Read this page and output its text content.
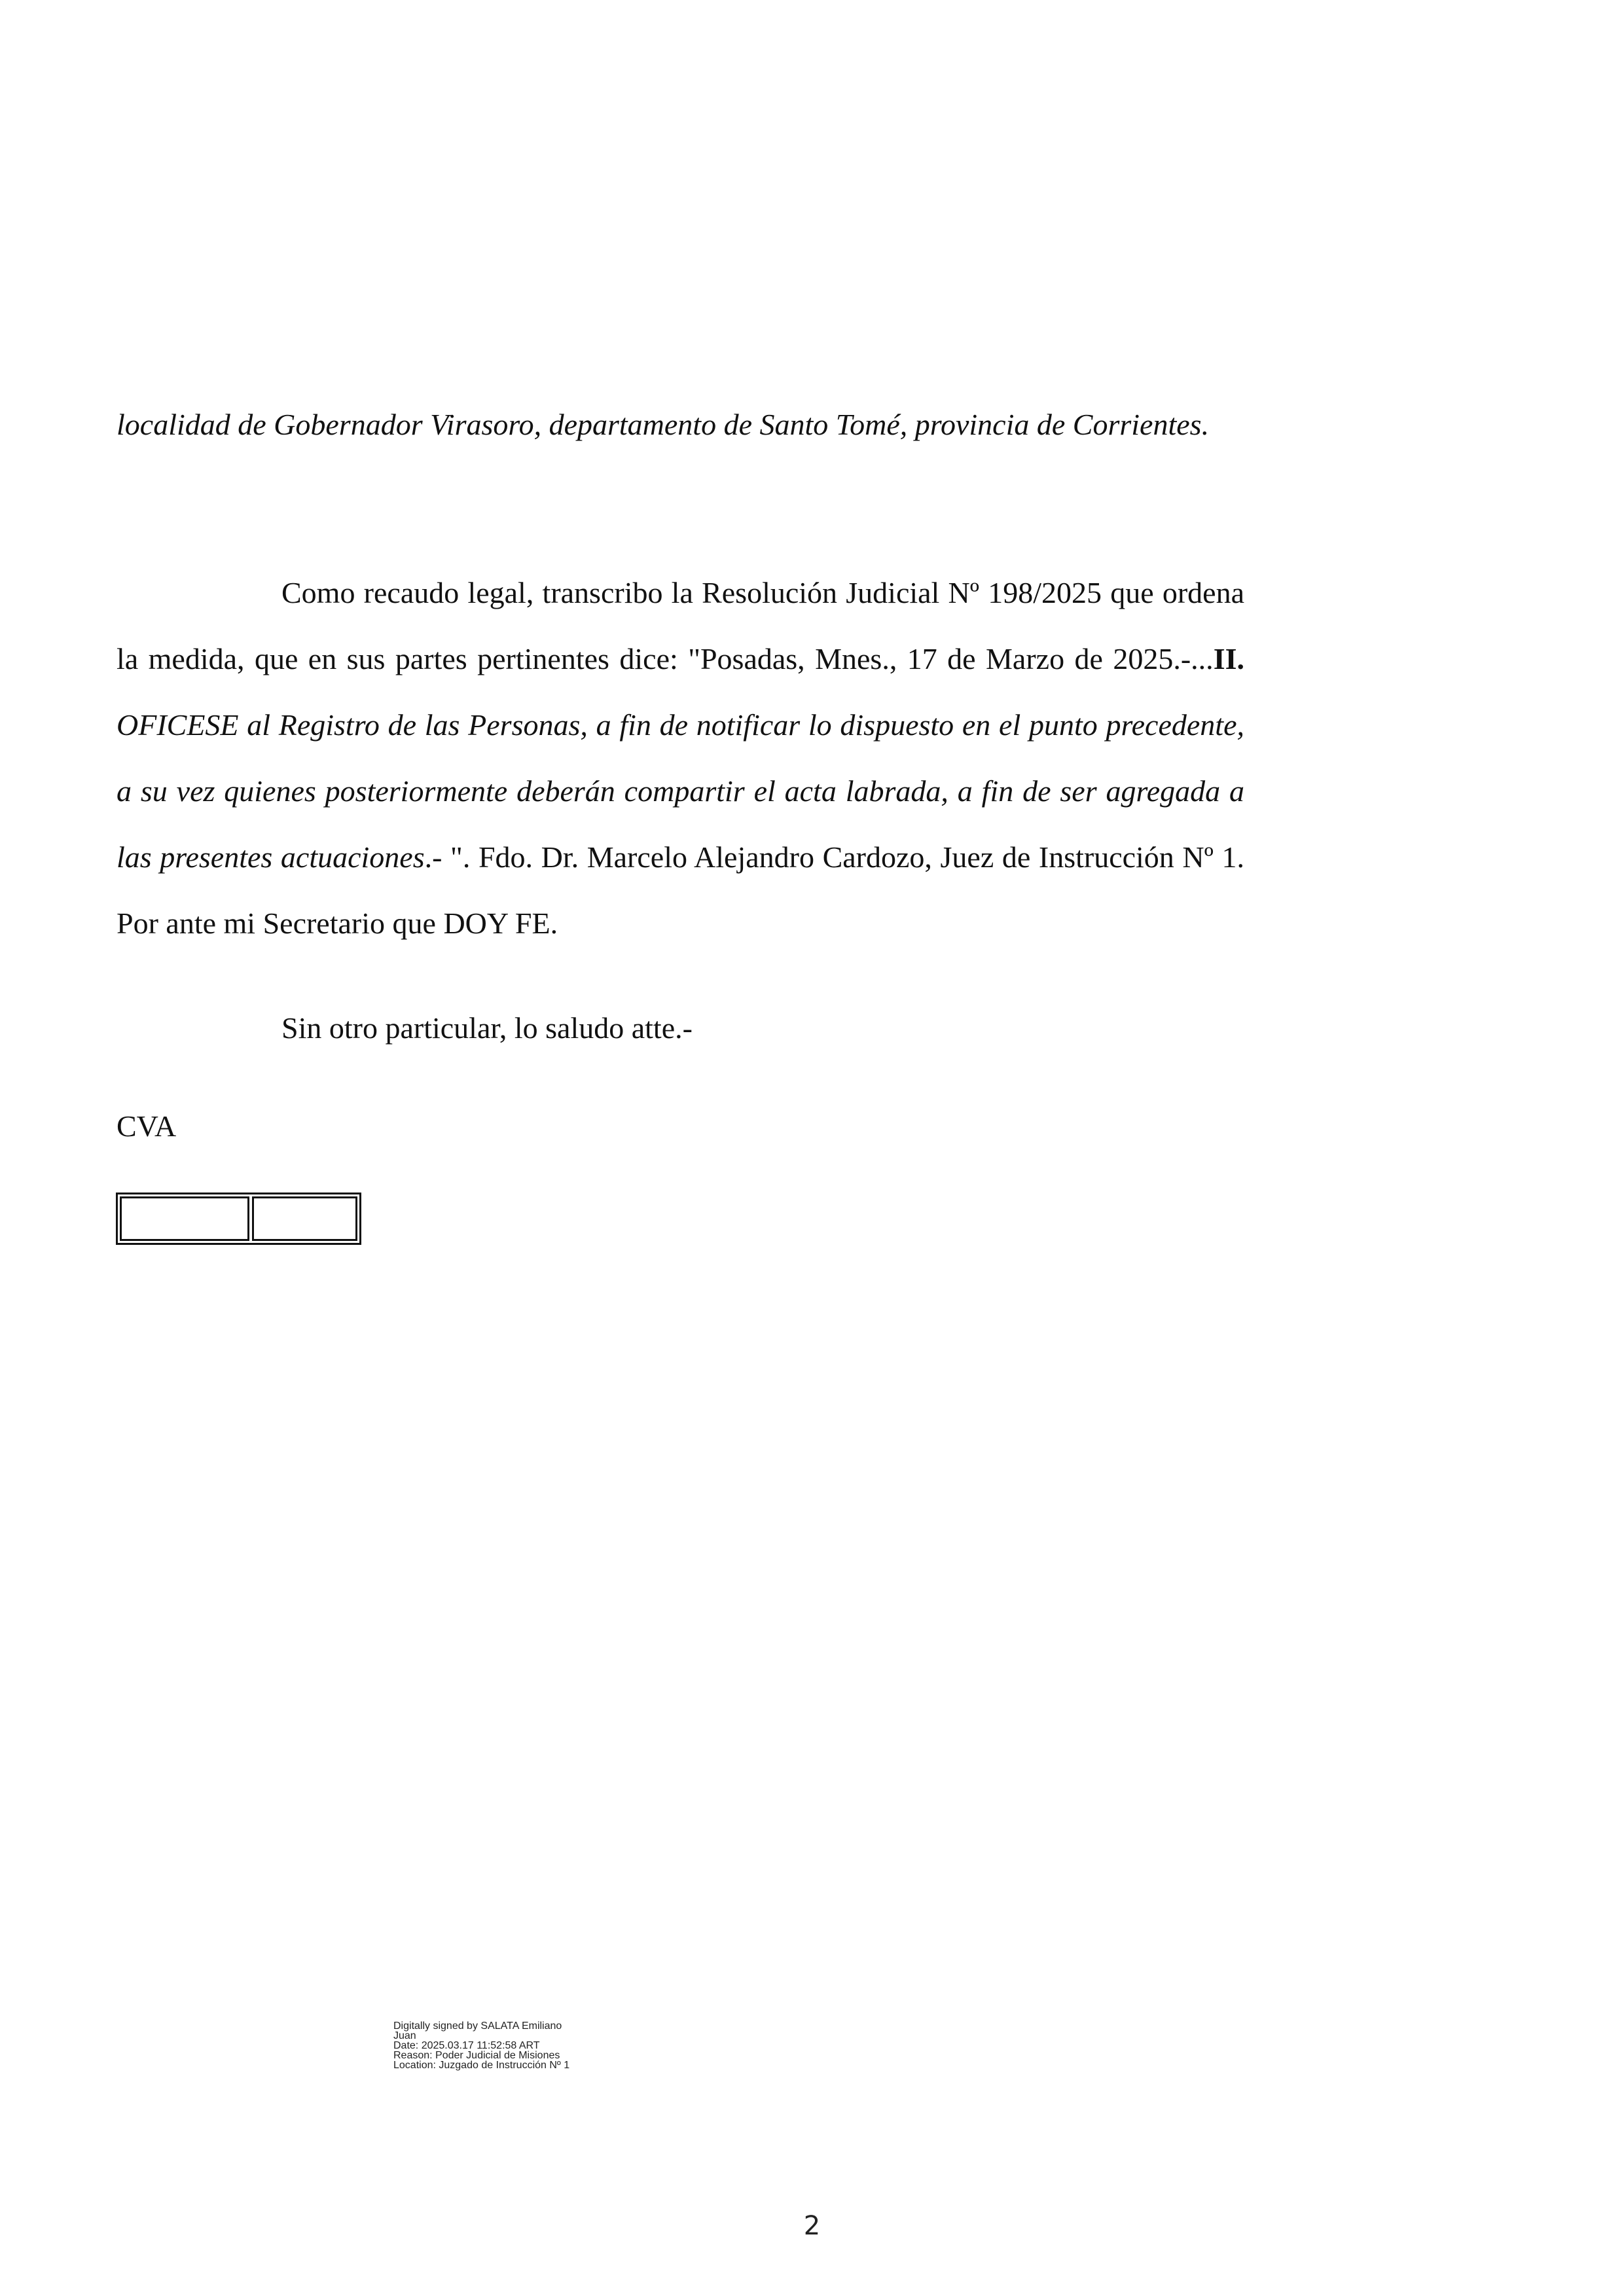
localidad de Gobernador Virasoro, departamento de Santo Tomé, provincia de Corrientes.

Como recaudo legal, transcribo la Resolución Judicial Nº 198/2025 que ordena la medida, que en sus partes pertinentes dice: "Posadas, Mnes., 17 de Marzo de 2025.-...II. OFICESE al Registro de las Personas, a fin de notificar lo dispuesto en el punto precedente, a su vez quienes posteriormente deberán compartir el acta labrada, a fin de ser agregada a las presentes actuaciones.- ". Fdo. Dr. Marcelo Alejandro Cardozo, Juez de Instrucción Nº 1. Por ante mi Secretario que DOY FE.

Sin otro particular, lo saludo atte.-

CVA

Digitally signed by SALATA Emiliano
Juan
Date: 2025.03.17 11:52:58 ART
Reason: Poder Judicial de Misiones
Location: Juzgado de Instrucción Nº 1
2
